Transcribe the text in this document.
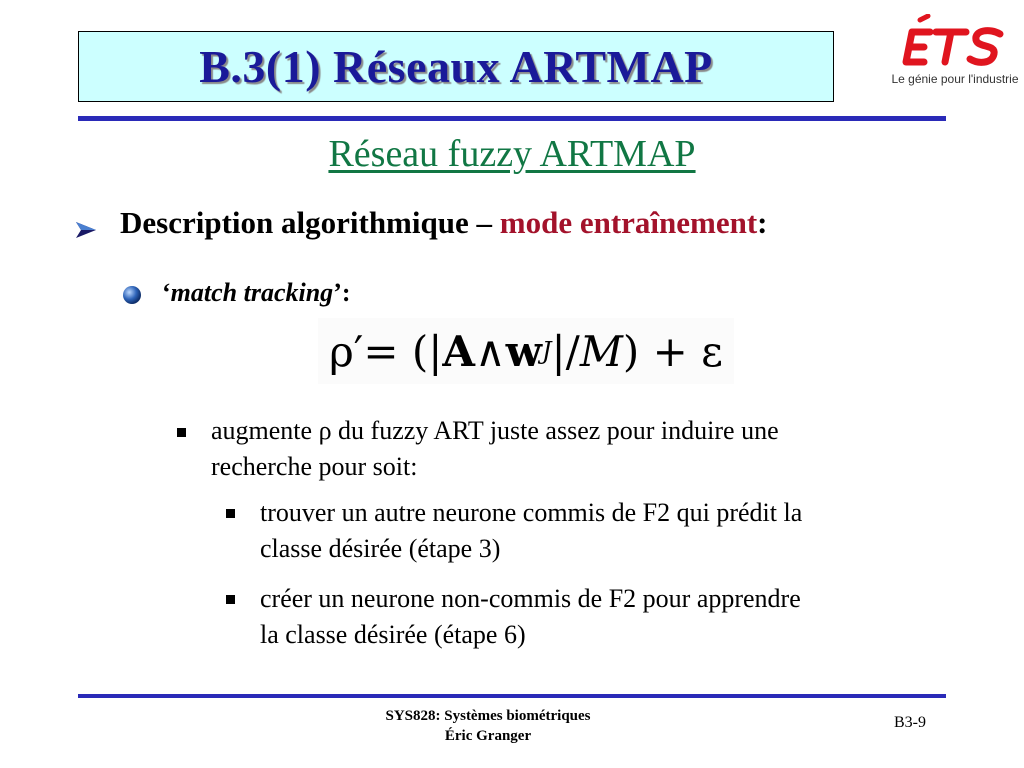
B.3(1) Réseaux ARTMAP	Le génie pour l'industrie
Réseau fuzzy ARTMAP
Description algorithmique – mode entraînement:
‘match tracking’:
ρ′ = (| A ∧ w J |/ M ) + ε
augmente ρ du fuzzy ART juste assez pour induire une
recherche pour soit:
trouver un autre neurone commis de F2 qui prédit la
classe désirée (étape 3)
créer un neurone non-commis de F2 pour apprendre
la classe désirée (étape 6)
SYS828: Systèmes biométriques
Éric Granger
B3-9
